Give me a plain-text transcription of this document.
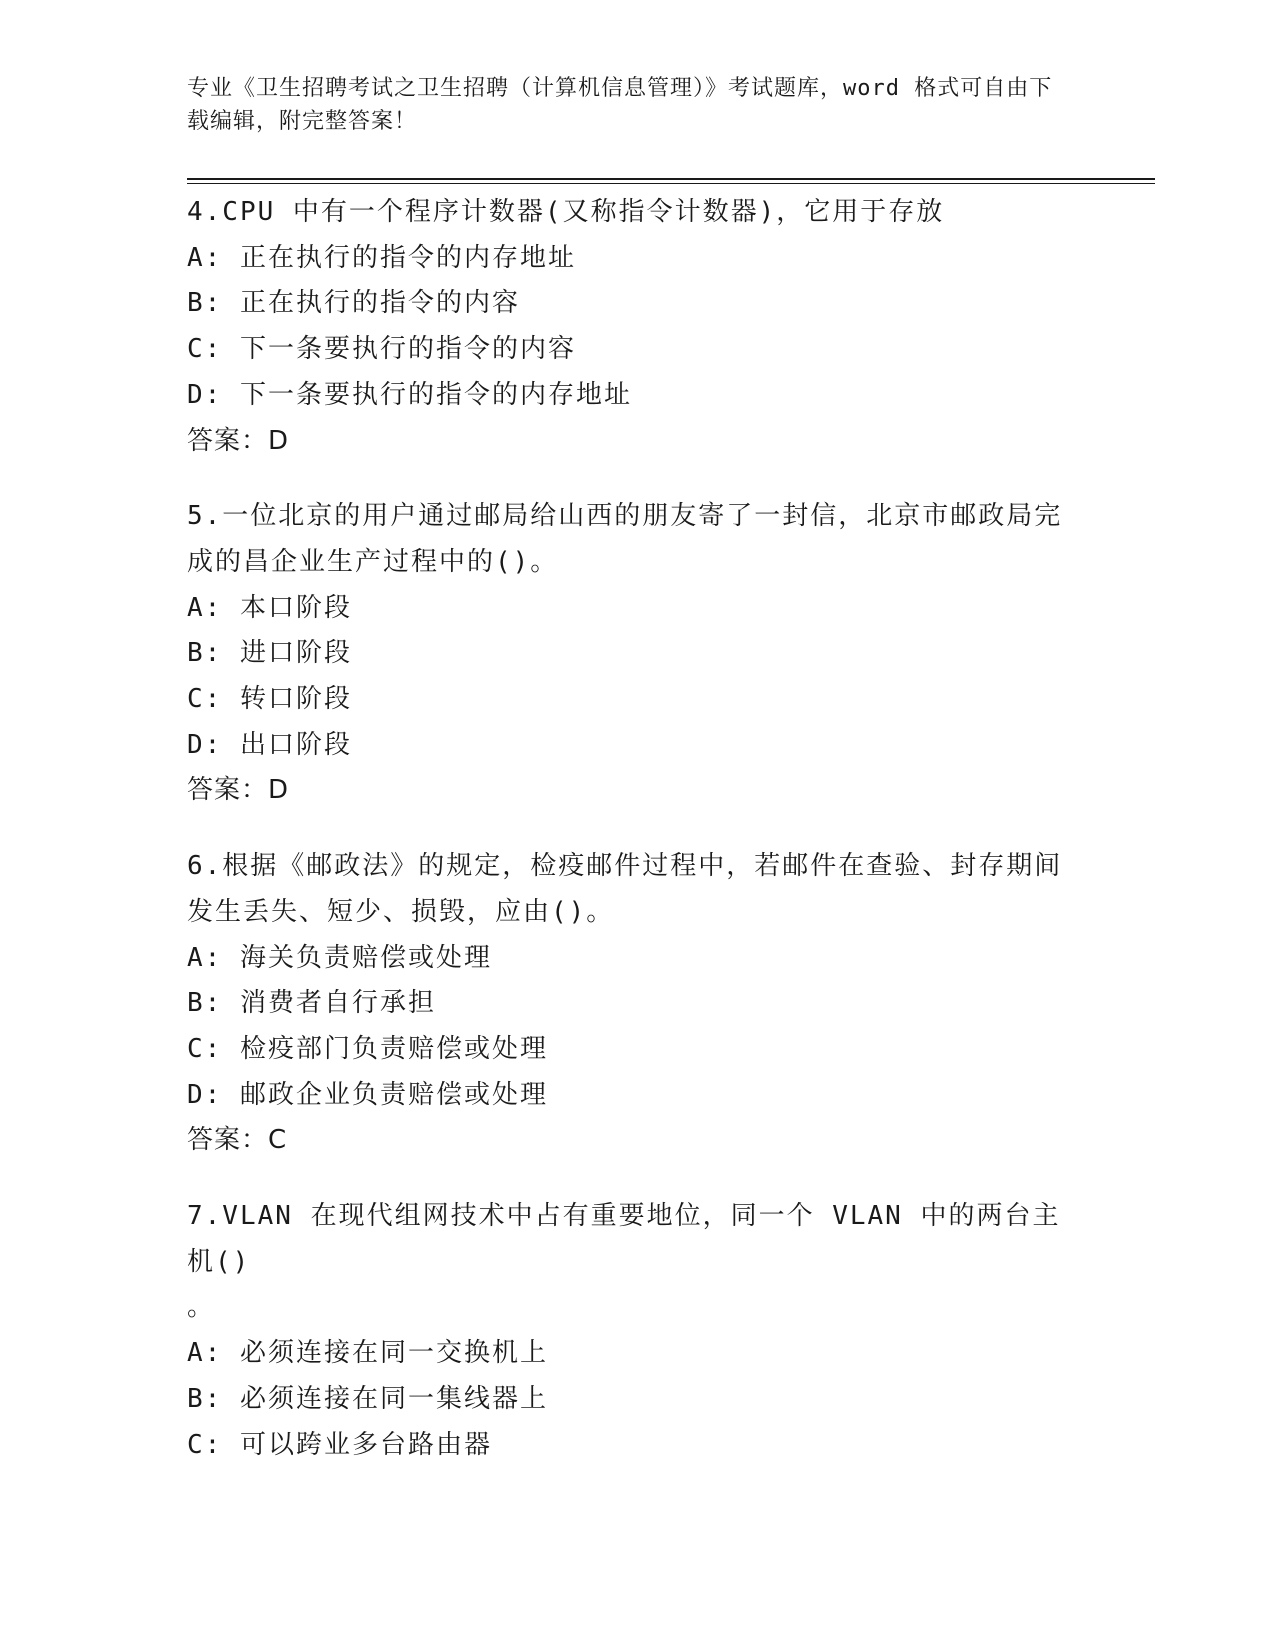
专业《卫生招聘考试之卫生招聘（计算机信息管理）》考试题库，word 格式可自由下载编辑，附完整答案！
4.CPU 中有一个程序计数器(又称指令计数器)，它用于存放
A: 正在执行的指令的内存地址
B: 正在执行的指令的内容
C: 下一条要执行的指令的内容
D: 下一条要执行的指令的内存地址
答案：D
5.一位北京的用户通过邮局给山西的朋友寄了一封信，北京市邮政局完成的昌企业生产过程中的()。
A: 本口阶段
B: 进口阶段
C: 转口阶段
D: 出口阶段
答案：D
6.根据《邮政法》的规定，检疫邮件过程中，若邮件在查验、封存期间发生丢失、短少、损毁，应由()。
A: 海关负责赔偿或处理
B: 消费者自行承担
C: 检疫部门负责赔偿或处理
D: 邮政企业负责赔偿或处理
答案：C
7.VLAN 在现代组网技术中占有重要地位，同一个 VLAN 中的两台主机()
。
A: 必须连接在同一交换机上
B: 必须连接在同一集线器上
C: 可以跨业多台路由器
